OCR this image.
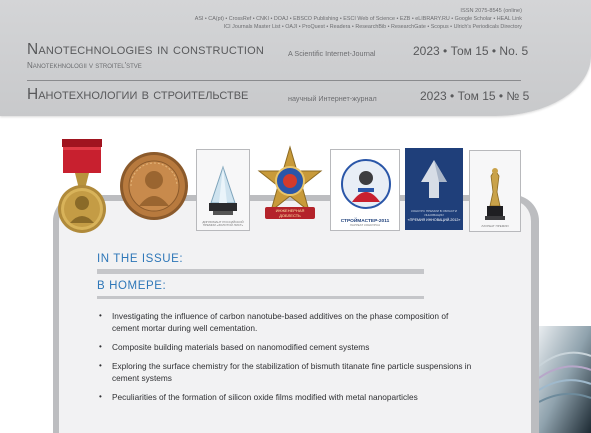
ISSN 2075-8545 (online)
ASI • CA(pt) • CrossRef • CNKI • DOAJ • EBSCO Publishing • ESCI Web of Science • EZB • eLIBRARY.RU • Google Scholar • HEAL Link
ICI Journals Master List • OAJI • ProQuest • Readera • ResearchBib • ResearchGate • Scopus • Ulrich's Periodicals Directory
Nanotechnologies in construction
Nanotekhnologii v stroitel'stve
A Scientific Internet-Journal	2023 • Том 15 • No. 5
Нанотехнологии в строительстве	научный Интернет-журнал	2023 • Том 15 • № 5
ДИПЛОМАНТ РОССИЙСКОЙ ПРЕМИИ «ЗОЛОТОЙ ЛИСТ»
ИНЖЕНЕРНАЯ ДОБЛЕСТЬ
СТРОЙМАСТЕР-2011
ЛАУРЕАТ КОНКУРСА
КОНКУРС ПРЕМИИ В ОБЛАСТИ ИННОВАЦИИ
«ПРЕМИЯ ИННОВАЦИЙ-2012»
ЛАУРЕАТ ПРЕМИИ
IN THE ISSUE:
В НОМЕРЕ:
• Investigating the influence of carbon nanotube-based additives on the phase composition of cement mortar during well cementation.
• Composite building materials based on nanomodified cement systems
• Exploring the surface chemistry for the stabilization of bismuth titanate fine particle suspensions in cement systems
• Peculiarities of the formation of silicon oxide films modified with metal nanoparticles
